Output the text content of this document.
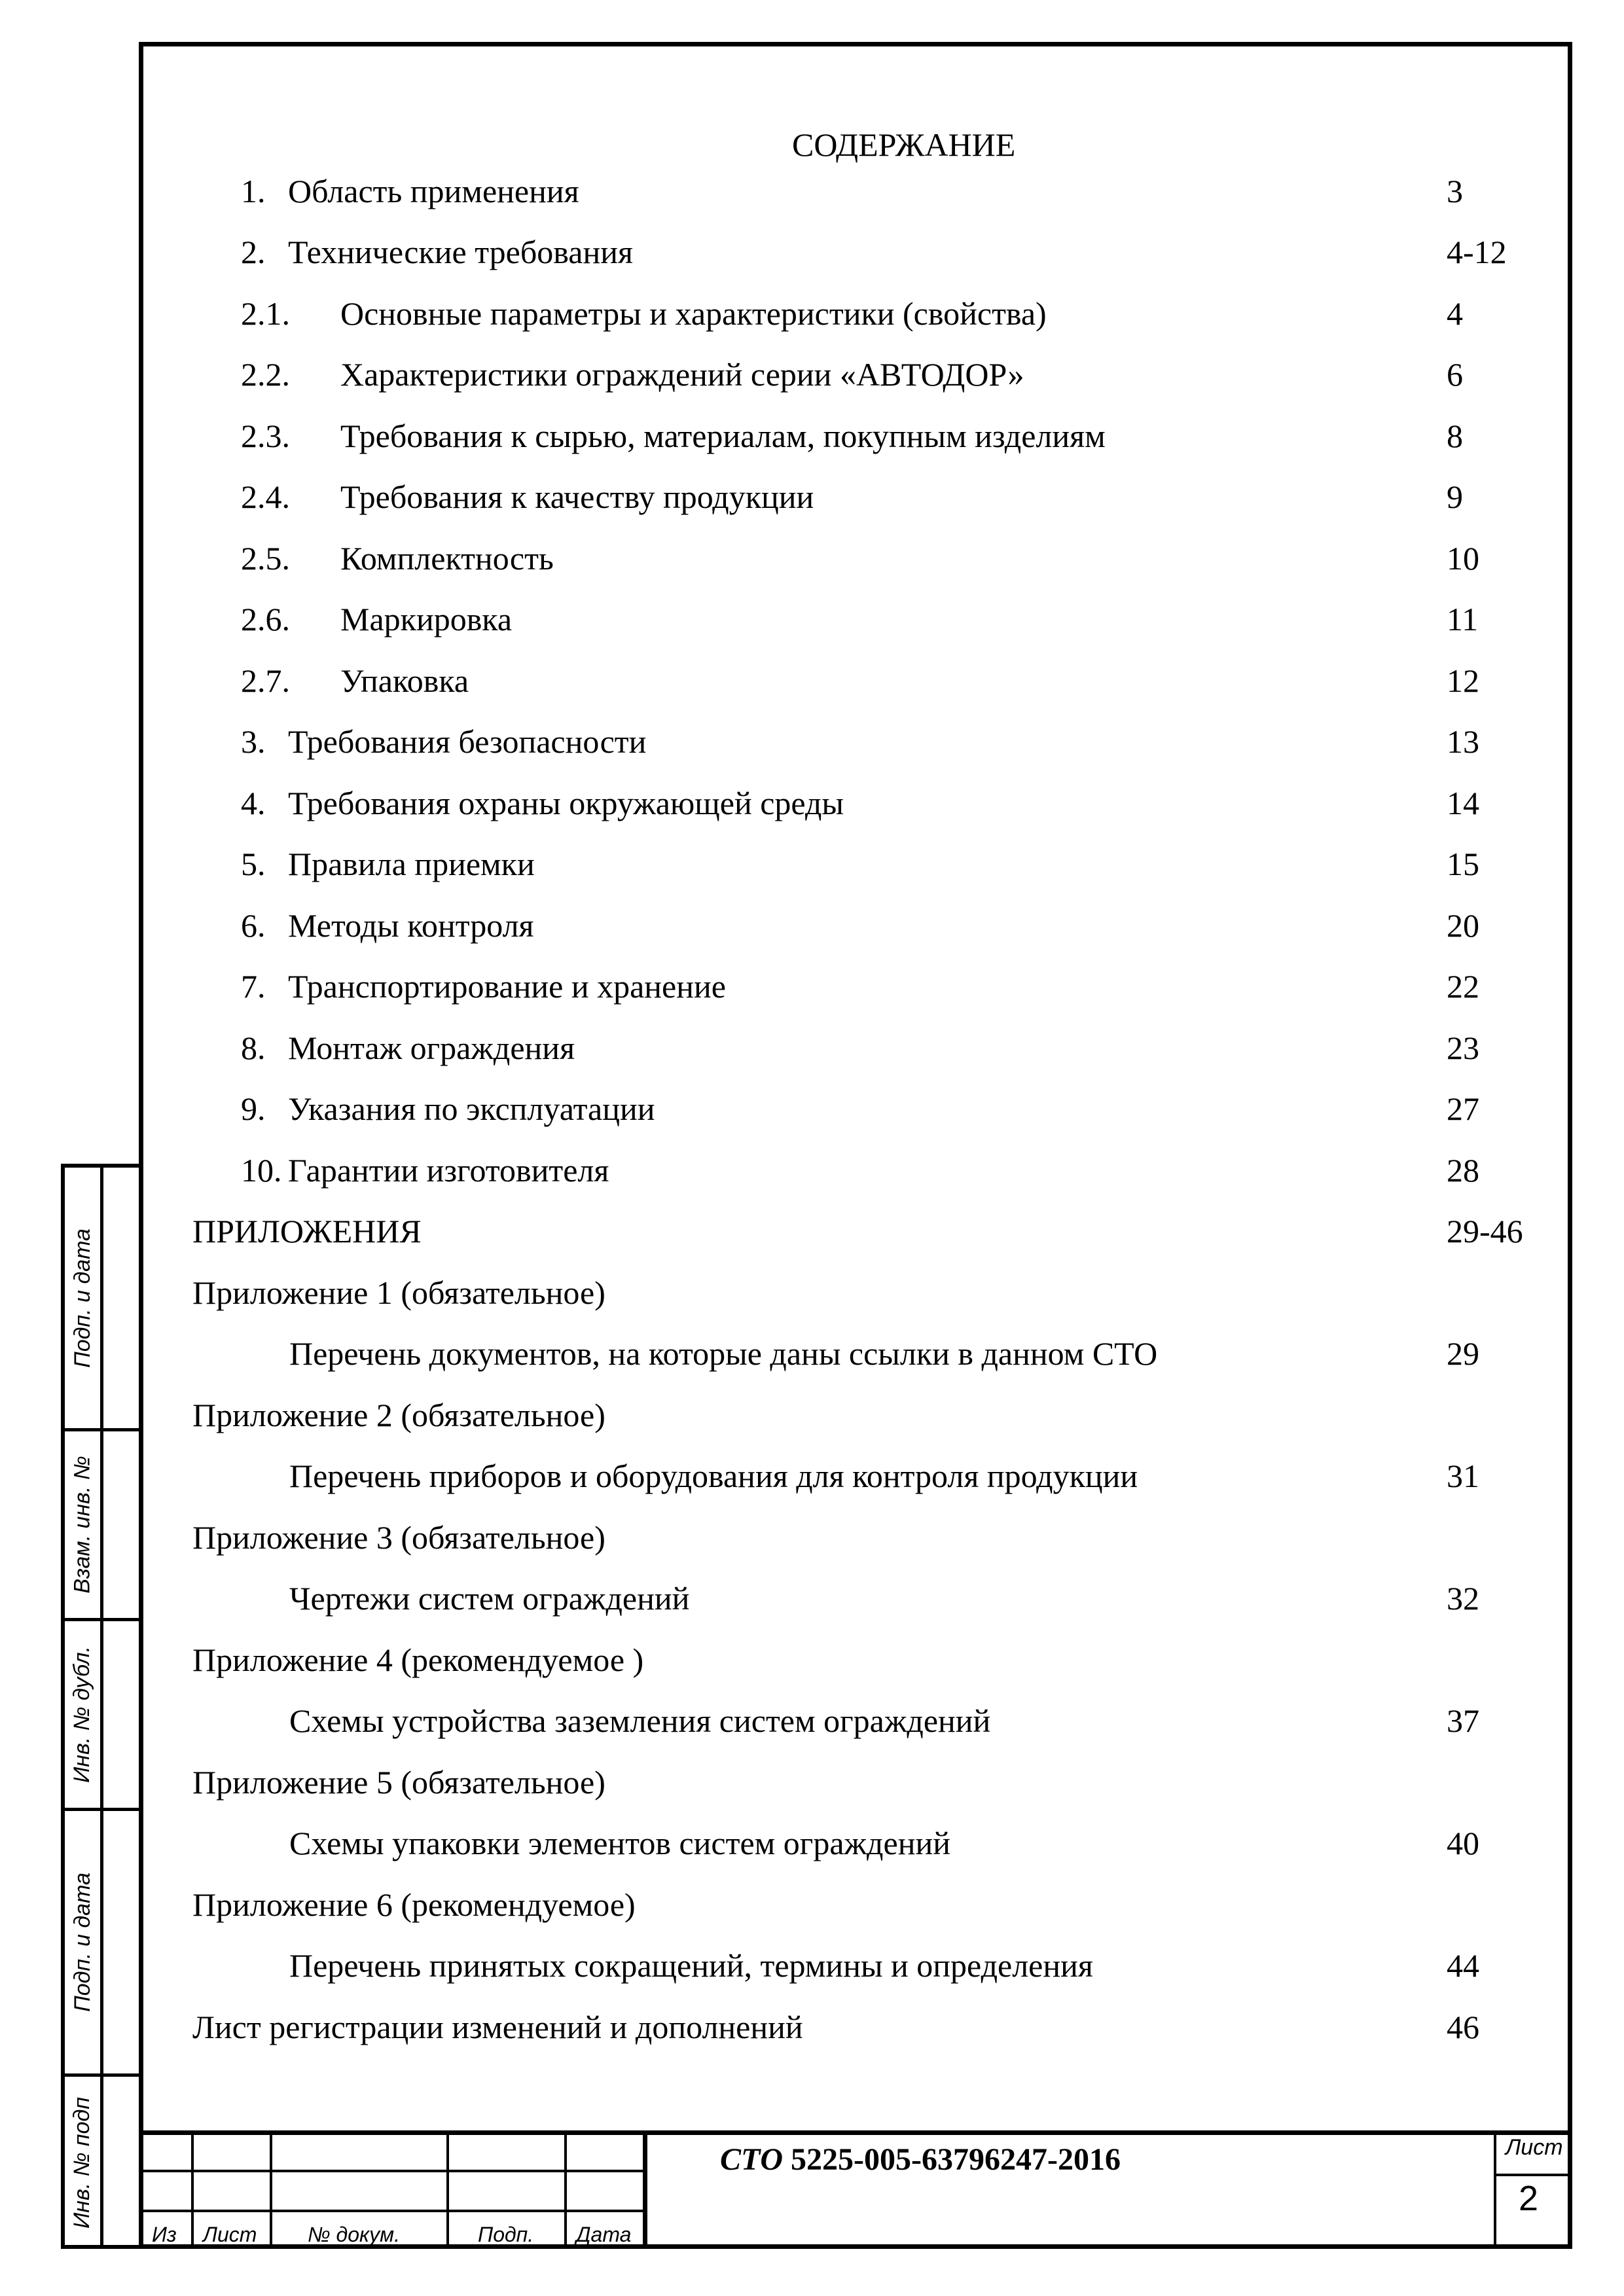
СОДЕРЖАНИЕ
1. Область применения	3
2. Технические требования	4-12
2.1. Основные параметры и характеристики (свойства)	4
2.2. Характеристики ограждений серии «АВТОДОР»	6
2.3. Требования к сырью, материалам, покупным изделиям	8
2.4. Требования к качеству продукции	9
2.5. Комплектность	10
2.6. Маркировка	11
2.7. Упаковка	12
3. Требования безопасности	13
4. Требования охраны окружающей среды	14
5. Правила приемки	15
6. Методы контроля	20
7. Транспортирование и хранение	22
8. Монтаж ограждения	23
9. Указания по эксплуатации	27
10. Гарантии изготовителя	28
ПРИЛОЖЕНИЯ	29-46
Приложение 1 (обязательное)
Перечень документов, на которые даны ссылки в данном СТО	29
Приложение 2 (обязательное)
Перечень приборов и оборудования для контроля продукции	31
Приложение 3 (обязательное)
Чертежи систем ограждений	32
Приложение 4 (рекомендуемое )
Схемы устройства заземления систем ограждений	37
Приложение 5 (обязательное)
Схемы упаковки элементов систем ограждений	40
Приложение 6 (рекомендуемое)
Перечень принятых сокращений, термины и определения	44
Лист регистрации изменений и дополнений	46
Подп. и дата
Взам. инв. №
Инв. № дубл.
Подп. и дата
Инв. № подп
Из Лист № докум.	Подп. Дата
СТО 5225-005-63796247-2016	Лист
2
